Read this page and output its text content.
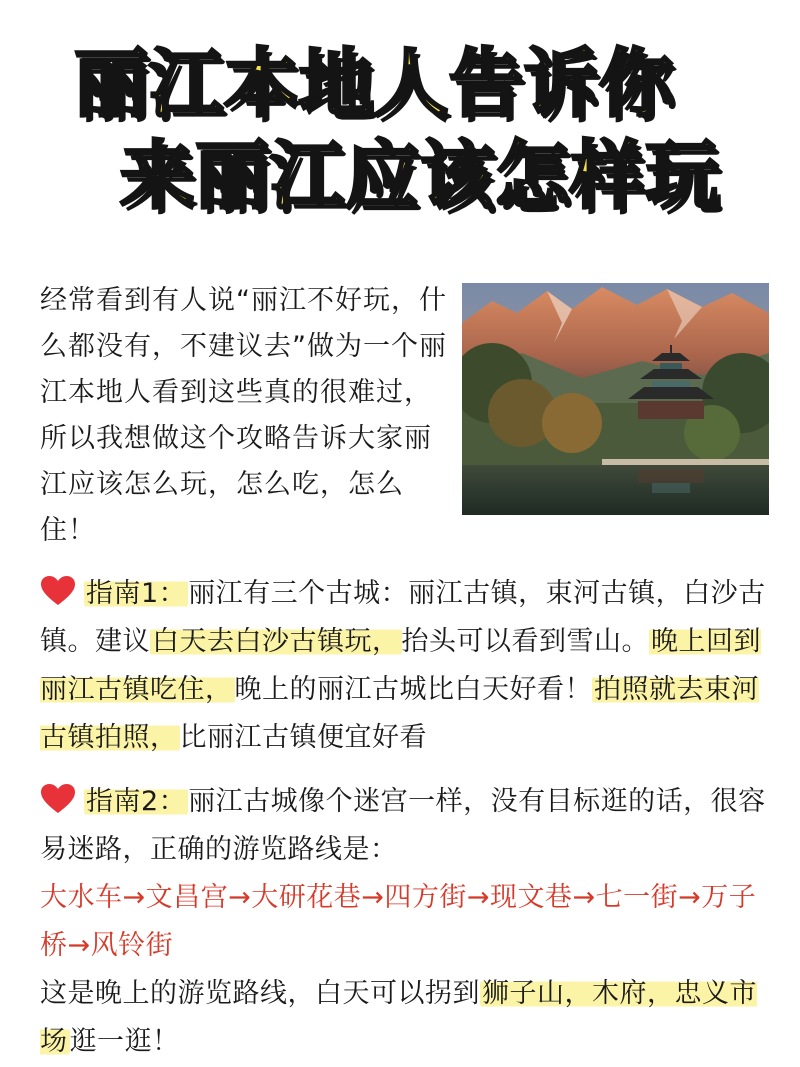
丽江本地人告诉你
来丽江应该怎样玩
经常看到有人说“丽江不好玩，什么都没有，不建议去”做为一个丽江本地人看到这些真的很难过，所以我想做这个攻略告诉大家丽江应该怎么玩，怎么吃，怎么住！
指南1：丽江有三个古城：丽江古镇，束河古镇，白沙古镇。建议白天去白沙古镇玩，抬头可以看到雪山。晚上回到丽江古镇吃住，晚上的丽江古城比白天好看！拍照就去束河古镇拍照，比丽江古镇便宜好看
指南2：丽江古城像个迷宫一样，没有目标逛的话，很容易迷路，正确的游览路线是：
大水车→文昌宫→大研花巷→四方街→现文巷→七一街→万子桥→风铃街
这是晚上的游览路线，白天可以拐到狮子山，木府，忠义市场逛一逛！
